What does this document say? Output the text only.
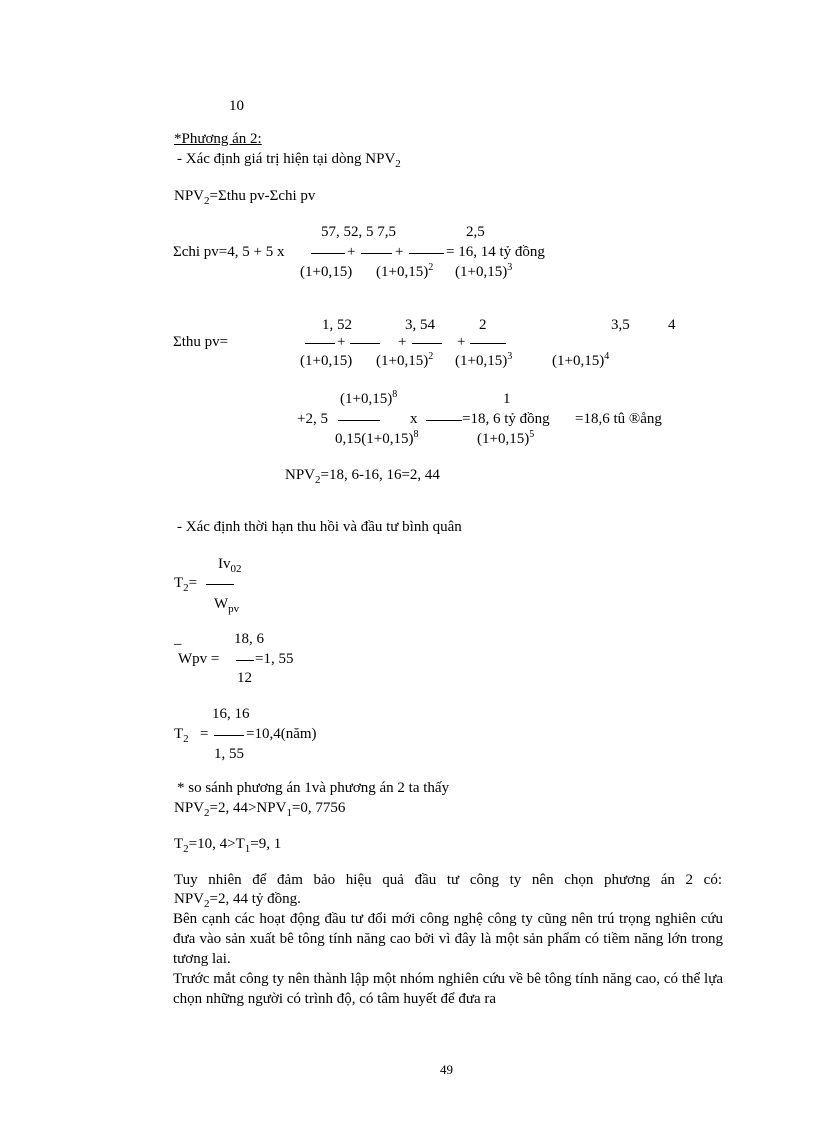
10
*Phương án 2:
- Xác định giá trị hiện tại dòng $NPV_2$
$NPV_2=\Sigma thu$ pv-Σchi pv
57, 52, 5 7,5	2,5
Σchi pv=4, 5 + 5 x	+	+	= 16, 14 tỷ đồng
(1+0,15) $(1+0,15)^2$ $(1+0,15)^3$
1, 52	3, 54	2	3,5	4
Σthu pv=	+	+	+
(1+0,15) $(1+0,15)^2$ $(1+0,15)^3$	$(1+0,15)^4$
$(1+0,15)^8$	1
+2, 5	x	=18, 6 tỷ đồng =18,6 tû ®ång
$0,15(1+0,15)^8$	$(1+0,15)^5$
$NPV_2=18$, 6-16, 16=2, 44
- Xác định thời hạn thu hồi và đầu tư bình quân
$Iv_{02}$
$T_2=$
$W_{pv}$
_	18, 6
Wpv = =1, 55
12
16, 16
$T_2$ =	=10,4(năm)
1, 55
* so sánh phương án 1và phương án 2 ta thấy
$NPV_2=2$, $44>NPV_1=0$, 7756
$T_2=10$, $4>T_1=9$, 1
Tuy nhiên để đảm bảo hiệu quả đầu tư công ty nên chọn phương án 2 có:
$NPV_2=2$, 44 tỷ đồng.
Bên cạnh các hoạt động đầu tư đổi mới công nghệ công ty cũng nên trú trọng nghiên cứu đưa vào sản xuất bê tông tính năng cao bởi vì đây là một sản phẩm có tiềm năng lớn trong tương lai.
Trước mắt công ty nên thành lập một nhóm nghiên cứu về bê tông tính năng cao, có thể lựa chọn những người có trình độ, có tâm huyết để đưa ra
49
